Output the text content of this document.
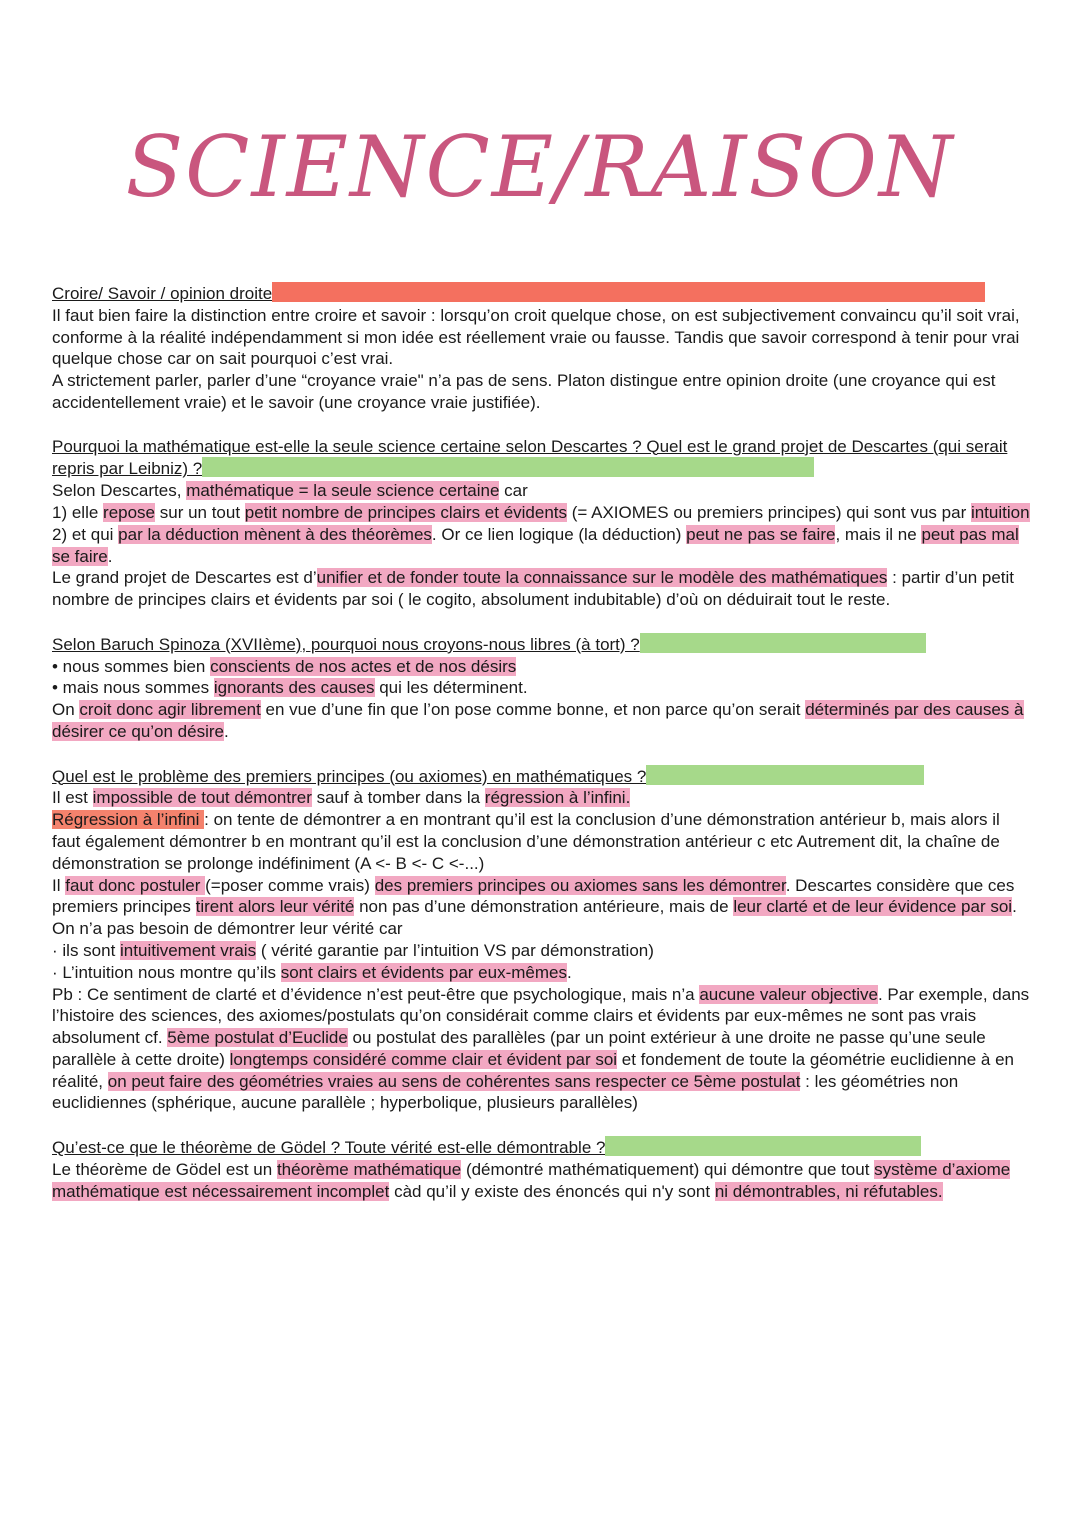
SCIENCE/RAISON

Croire/ Savoir / opinion droite

Il faut bien faire la distinction entre croire et savoir : lorsqu’on croit quelque chose, on est subjectivement convaincu qu’il soit vrai, conforme à la réalité indépendamment si mon idée est réellement vraie ou fausse. Tandis que savoir correspond à tenir pour vrai quelque chose car on sait pourquoi c’est vrai.

A strictement parler, parler d’une “croyance vraie" n’a pas de sens. Platon distingue entre opinion droite (une croyance qui est accidentellement vraie) et le savoir (une croyance vraie justifiée).

Pourquoi la mathématique est-elle la seule science certaine selon Descartes ? Quel est le grand projet de Descartes (qui serait repris par Leibniz) ?

Selon Descartes, mathématique = la seule science certaine car

1) elle repose sur un tout petit nombre de principes clairs et évidents (= AXIOMES ou premiers principes) qui sont vus par intuition

2) et qui par la déduction mènent à des théorèmes. Or ce lien logique (la déduction) peut ne pas se faire, mais il ne peut pas mal se faire.

Le grand projet de Descartes est d’unifier et de fonder toute la connaissance sur le modèle des mathématiques : partir d’un petit nombre de principes clairs et évidents par soi ( le cogito, absolument indubitable) d’où on déduirait tout le reste.

Selon Baruch Spinoza (XVIIème), pourquoi nous croyons-nous libres (à tort) ?

• nous sommes bien conscients de nos actes et de nos désirs

• mais nous sommes ignorants des causes qui les déterminent.

On croit donc agir librement en vue d’une fin que l’on pose comme bonne, et non parce qu’on serait déterminés par des causes à désirer ce qu’on désire.

Quel est le problème des premiers principes (ou axiomes) en mathématiques ?

Il est impossible de tout démontrer sauf à tomber dans la régression à l’infini.

Régression à l’infini : on tente de démontrer a en montrant qu’il est la conclusion d’une démonstration antérieur b, mais alors il faut également démontrer b en montrant qu’il est la conclusion d’une démonstration antérieur c etc Autrement dit, la chaîne de démonstration se prolonge indéfiniment (A <- B <- C <-...)

Il faut donc postuler (=poser comme vrais) des premiers principes ou axiomes sans les démontrer. Descartes considère que ces premiers principes tirent alors leur vérité non pas d’une démonstration antérieure, mais de leur clarté et de leur évidence par soi. On n’a pas besoin de démontrer leur vérité car

· ils sont intuitivement vrais ( vérité garantie par l’intuition VS par démonstration)

· L’intuition nous montre qu’ils sont clairs et évidents par eux-mêmes.

Pb : Ce sentiment de clarté et d’évidence n’est peut-être que psychologique, mais n’a aucune valeur objective. Par exemple, dans l’histoire des sciences, des axiomes/postulats qu’on considérait comme clairs et évidents par eux-mêmes ne sont pas vrais absolument cf. 5ème postulat d’Euclide ou postulat des parallèles (par un point extérieur à une droite ne passe qu’une seule parallèle à cette droite) longtemps considéré comme clair et évident par soi et fondement de toute la géométrie euclidienne à en réalité, on peut faire des géométries vraies au sens de cohérentes sans respecter ce 5ème postulat : les géométries non euclidiennes (sphérique, aucune parallèle ; hyperbolique, plusieurs parallèles)

Qu’est-ce que le théorème de Gödel ? Toute vérité est-elle démontrable ?

Le théorème de Gödel est un théorème mathématique (démontré mathématiquement) qui démontre que tout système d’axiome mathématique est nécessairement incomplet càd qu’il y existe des énoncés qui n'y sont ni démontrables, ni réfutables.
